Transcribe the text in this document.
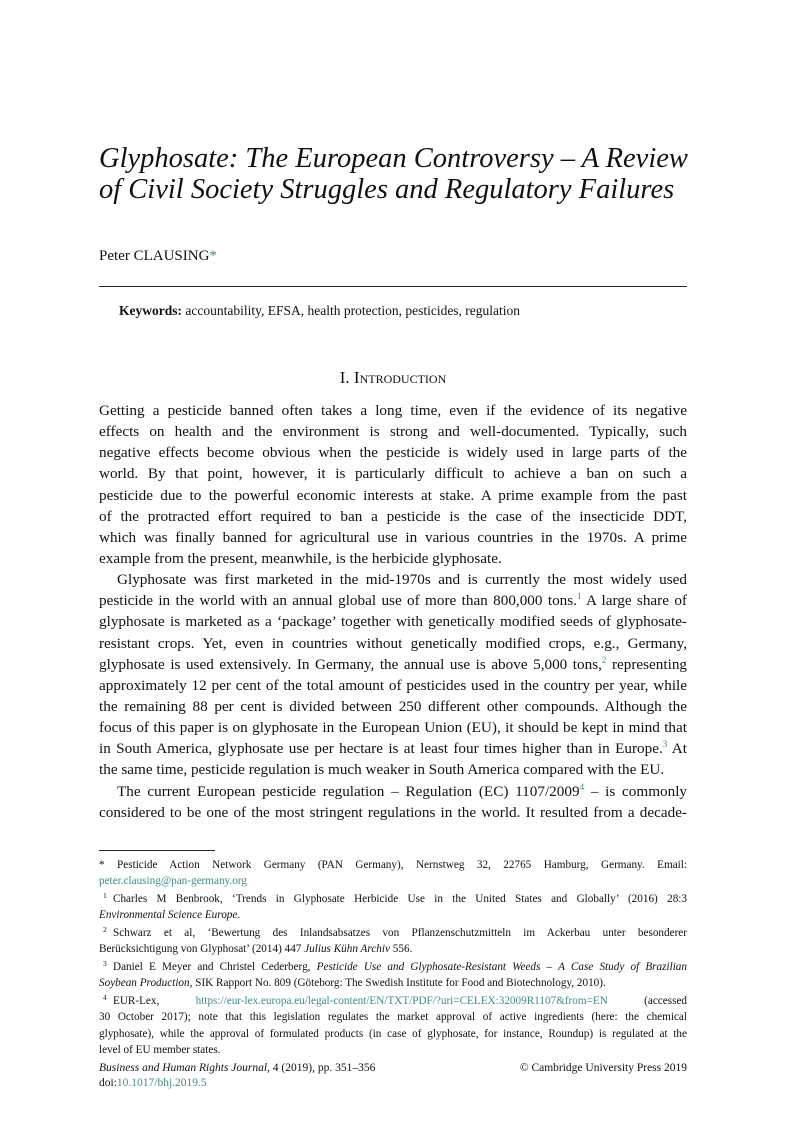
Glyphosate: The European Controversy – A Review
of Civil Society Struggles and Regulatory Failures
Peter CLAUSING*
Keywords: accountability, EFSA, health protection, pesticides, regulation
I. Introduction
Getting a pesticide banned often takes a long time, even if the evidence of its negative
effects on health and the environment is strong and well-documented. Typically, such
negative effects become obvious when the pesticide is widely used in large parts of the
world. By that point, however, it is particularly difficult to achieve a ban on such a
pesticide due to the powerful economic interests at stake. A prime example from the past
of the protracted effort required to ban a pesticide is the case of the insecticide DDT,
which was finally banned for agricultural use in various countries in the 1970s. A prime
example from the present, meanwhile, is the herbicide glyphosate.
Glyphosate was first marketed in the mid-1970s and is currently the most widely used
pesticide in the world with an annual global use of more than 800,000 tons.$^1$ A large share of
glyphosate is marketed as a ‘package’ together with genetically modified seeds of glyphosate-
resistant crops. Yet, even in countries without genetically modified crops, e.g., Germany,
glyphosate is used extensively. In Germany, the annual use is above 5,000 tons,$^2$ representing
approximately 12 per cent of the total amount of pesticides used in the country per year, while
the remaining 88 per cent is divided between 250 different other compounds. Although the
focus of this paper is on glyphosate in the European Union (EU), it should be kept in mind that
in South America, glyphosate use per hectare is at least four times higher than in Europe.$^3$ At
the same time, pesticide regulation is much weaker in South America compared with the EU.
The current European pesticide regulation – Regulation (EC) 1107/2009$^4$ – is commonly
considered to be one of the most stringent regulations in the world. It resulted from a decade-
* Pesticide Action Network Germany (PAN Germany), Nernstweg 32, 22765 Hamburg, Germany. Email:
peter.clausing@pan-germany.org
1 Charles M Benbrook, ‘Trends in Glyphosate Herbicide Use in the United States and Globally’ (2016) 28:3
Environmental Science Europe.
2 Schwarz et al, ‘Bewertung des Inlandsabsatzes von Pflanzenschutzmitteln im Ackerbau unter besonderer
Berücksichtigung von Glyphosat’ (2014) 447 Julius Kühn Archiv 556.
3 Daniel E Meyer and Christel Cederberg, Pesticide Use and Glyphosate-Resistant Weeds – A Case Study of Brazilian
Soybean Production, SIK Rapport No. 809 (Göteborg: The Swedish Institute for Food and Biotechnology, 2010).
4 EUR-Lex, https://eur-lex.europa.eu/legal-content/EN/TXT/PDF/?uri=CELEX:32009R1107&from=EN (accessed
30 October 2017); note that this legislation regulates the market approval of active ingredients (here: the chemical
glyphosate), while the approval of formulated products (in case of glyphosate, for instance, Roundup) is regulated at the
level of EU member states.
Business and Human Rights Journal, 4 (2019), pp. 351–356
doi:10.1017/bhj.2019.5
© Cambridge University Press 2019
